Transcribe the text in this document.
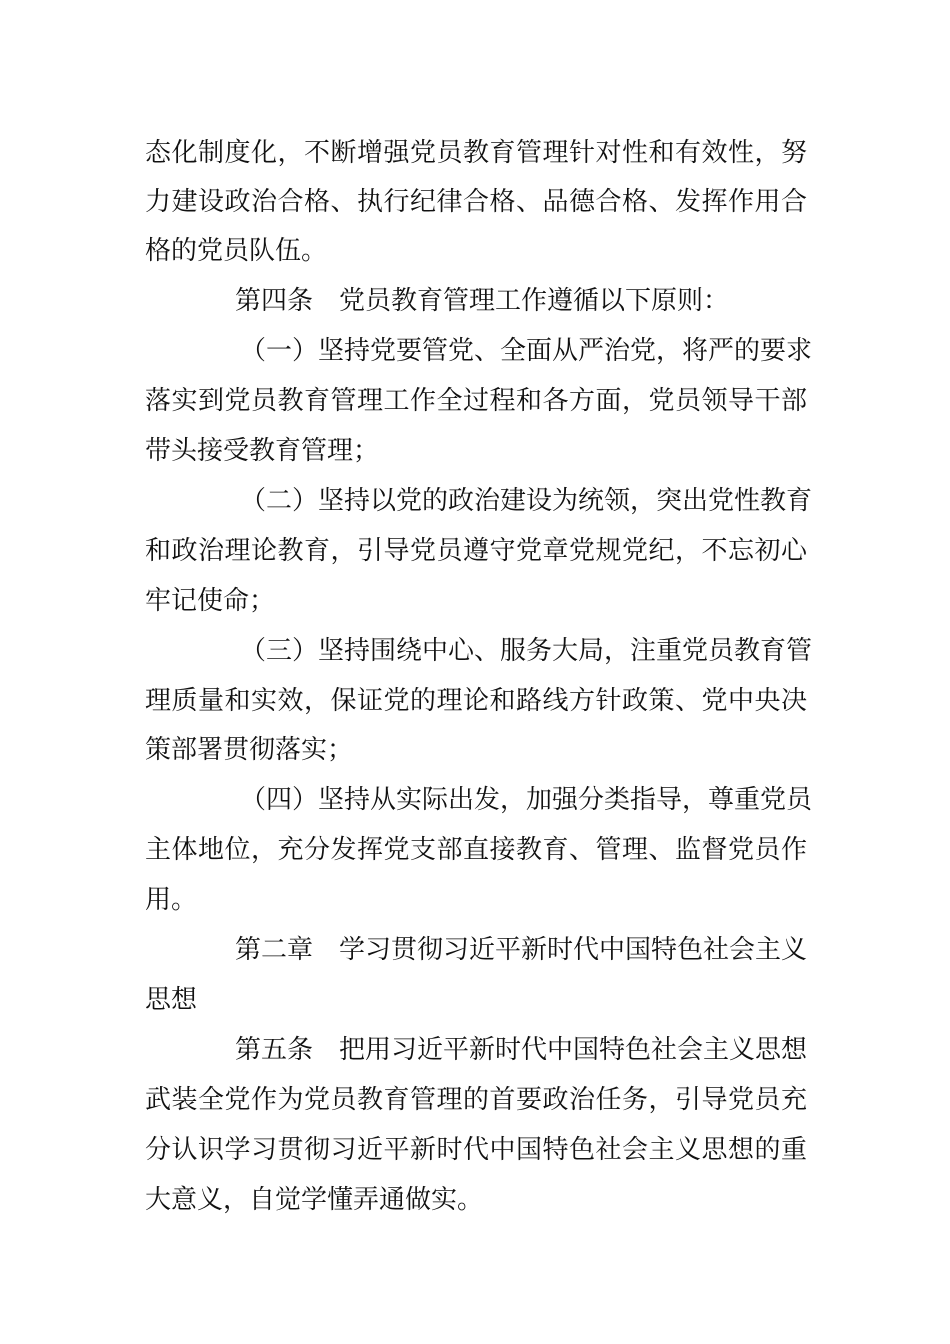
态化制度化，不断增强党员教育管理针对性和有效性，努
力建设政治合格、执行纪律合格、品德合格、发挥作用合
格的党员队伍。
第四条　党员教育管理工作遵循以下原则：
（一）坚持党要管党、全面从严治党，将严的要求
落实到党员教育管理工作全过程和各方面，党员领导干部
带头接受教育管理；
（二）坚持以党的政治建设为统领，突出党性教育
和政治理论教育，引导党员遵守党章党规党纪，不忘初心
牢记使命；
（三）坚持围绕中心、服务大局，注重党员教育管
理质量和实效，保证党的理论和路线方针政策、党中央决
策部署贯彻落实；
（四）坚持从实际出发，加强分类指导，尊重党员
主体地位，充分发挥党支部直接教育、管理、监督党员作
用。
第二章　学习贯彻习近平新时代中国特色社会主义
思想
第五条　把用习近平新时代中国特色社会主义思想
武装全党作为党员教育管理的首要政治任务，引导党员充
分认识学习贯彻习近平新时代中国特色社会主义思想的重
大意义，自觉学懂弄通做实。
